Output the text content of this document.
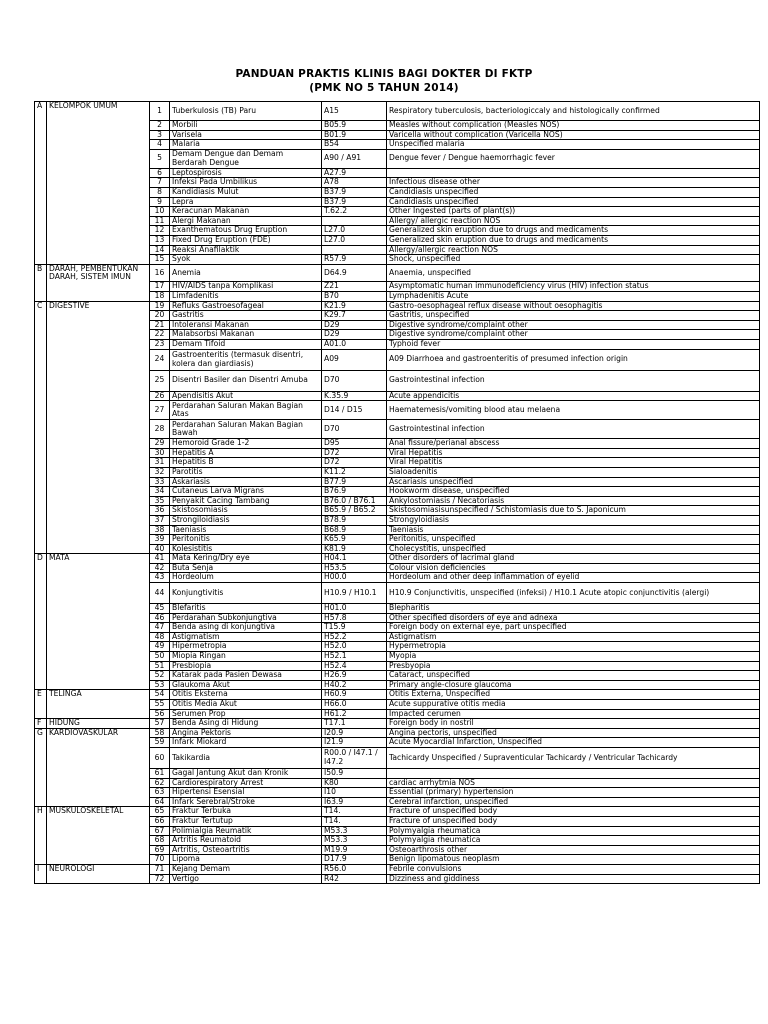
PANDUAN PRAKTIS KLINIS BAGI DOKTER DI FKTP
(PMK NO 5 TAHUN 2014)
A	KELOMPOK UMUM	1	Tuberkulosis (TB) Paru	A15	Respiratory tuberculosis, bacteriologiccaly and histologically confirmed
		2	Morbili	B05.9	Measles without complication (Measles NOS)
		3	Varisela	B01.9	Varicella without complication (Varicella NOS)
		4	Malaria	B54	Unspecified malaria
		5	Demam Dengue dan Demam Berdarah Dengue	A90 / A91	Dengue fever / Dengue haemorrhagic fever
		6	Leptospirosis	A27.9	
		7	Infeksi Pada Umbilikus	A78	Infectious disease other
		8	Kandidiasis Mulut	B37.9	Candidiasis unspecified
		9	Lepra	B37.9	Candidiasis unspecified
		10	Keracunan Makanan	T.62.2	Other Ingested (parts of plant(s))
		11	Alergi Makanan		Allergy/ allergic reaction NOS
		12	Exanthematous Drug Eruption	L27.0	Generalized skin eruption due to drugs and medicaments
		13	Fixed Drug Eruption (FDE)	L27.0	Generalized skin eruption due to drugs and medicaments
		14	Reaksi Anafilaktik		Allergy/allergic reaction NOS
		15	Syok	R57.9	Shock, unspecified
B	DARAH, PEMBENTUKAN DARAH, SISTEM IMUN	16	Anemia	D64.9	Anaemia, unspecified
		17	HIV/AIDS tanpa Komplikasi	Z21	Asymptomatic human immunodeficiency virus (HIV) infection status
		18	Limfadenitis	B70	Lymphadenitis Acute
C	DIGESTIVE	19	Refluks Gastroesofageal	K21.9	Gastro-oesophageal reflux disease without oesophagitis
		20	Gastritis	K29.7	Gastritis, unspecified
		21	Intoleransi Makanan	D29	Digestive syndrome/complaint other
		22	Malabsorbsi Makanan	D29	Digestive syndrome/complaint other
		23	Demam Tifoid	A01.0	Typhoid fever
		24	Gastroenteritis (termasuk disentri, kolera dan giardiasis)	A09	A09 Diarrhoea and gastroenteritis of presumed infection origin
		25	Disentri Basiler dan Disentri Amuba	D70	Gastrointestinal infection
		26	Apendisitis Akut	K.35.9	Acute appendicitis
		27	Perdarahan Saluran Makan Bagian Atas	D14 / D15	Haematemesis/vomiting blood atau melaena
		28	Perdarahan Saluran Makan Bagian Bawah	D70	Gastrointestinal infection
		29	Hemoroid Grade 1-2	D95	Anal fissure/perianal abscess
		30	Hepatitis A	D72	Viral Hepatitis
		31	Hepatitis B	D72	Viral Hepatitis
		32	Parotitis	K11.2	Sialoadenitis
		33	Askariasis	B77.9	Ascariasis unspecified
		34	Cutaneus Larva Migrans	B76.9	Hookworm disease, unspecified
		35	Penyakit Cacing Tambang	B76.0 / B76.1	Ankylostomiasis / Necatoriasis
		36	Skistosomiasis	B65.9 / B65.2	Skistosomiasisunspecified / Schistomiasis due to S. Japonicum
		37	Strongiloidiasis	B78.9	Strongyloidiasis
		38	Taeniasis	B68.9	Taeniasis
		39	Peritonitis	K65.9	Peritonitis, unspecified
		40	Kolesistitis	K81.9	Cholecystitis, unspecified
D	MATA	41	Mata Kering/Dry eye	H04.1	Other disorders of lacrimal gland
		42	Buta Senja	H53.5	Colour vision deficiencies
		43	Hordeolum	H00.0	Hordeolum and other deep inflammation of eyelid
		44	Konjungtivitis	H10.9 / H10.1	H10.9 Conjunctivitis, unspecified (infeksi) / H10.1 Acute atopic conjunctivitis (alergi)
		45	Blefaritis	H01.0	Blepharitis
		46	Perdarahan Subkonjungtiva	H57.8	Other specified disorders of eye and adnexa
		47	Benda asing di konjungtiva	T15.9	Foreign body on external eye, part unspecified
		48	Astigmatism	H52.2	Astigmatism
		49	Hipermetropia	H52.0	Hypermetropia
		50	Miopia Ringan	H52.1	Myopia
		51	Presbiopia	H52.4	Presbyopia
		52	Katarak pada Pasien Dewasa	H26.9	Cataract, unspecified
		53	Glaukoma Akut	H40.2	Primary angle-closure glaucoma
E	TELINGA	54	Otitis Eksterna	H60.9	Otitis Externa, Unspecified
		55	Otitis Media Akut	H66.0	Acute suppurative otitis media
		56	Serumen Prop	H61.2	Impacted cerumen
F	HIDUNG	57	Benda Asing di Hidung	T17.1	Foreign body in nostril
G	KARDIOVASKULAR	58	Angina Pektoris	I20.9	Angina pectoris, unspecified
		59	Infark Miokard	I21.9	Acute Myocardial Infarction, Unspecified
		60	Takikardia	R00.0 / I47.1 / I47.2	Tachicardy Unspecified / Supraventicular Tachicardy / Ventricular Tachicardy
		61	Gagal Jantung Akut dan Kronik	I50.9	
		62	Cardiorespiratory Arrest	K80	cardiac arrhytmia NOS
		63	Hipertensi Esensial	I10	Essential (primary) hypertension
		64	Infark Serebral/Stroke	I63.9	Cerebral infarction, unspecified
H	MUSKULOSKELETAL	65	Fraktur Terbuka	T14.	Fracture of unspecified body
		66	Fraktur Tertutup	T14.	Fracture of unspecified body
		67	Polimialgia Reumatik	M53.3	Polymyalgia rheumatica
		68	Artritis Reumatoid	M53.3	Polymyalgia rheumatica
		69	Artritis, Osteoartritis	M19.9	Osteoarthrosis other
		70	Lipoma	D17.9	Benign lipomatous neoplasm
I	NEUROLOGI	71	Kejang Demam	R56.0	Febrile convulsions
		72	Vertigo	R42	Dizziness and giddiness
